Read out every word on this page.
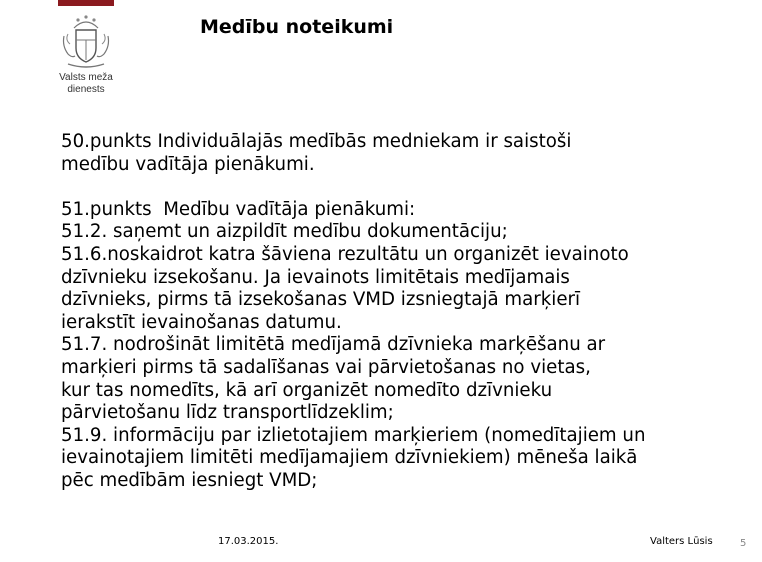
Valsts meža
dienests
Medību noteikumi
50.punkts Individuālajās medībās medniekam ir saistoši
medību vadītāja pienākumi.
51.punkts  Medību vadītāja pienākumi:
51.2. saņemt un aizpildīt medību dokumentāciju;
51.6.noskaidrot katra šāviena rezultātu un organizēt ievainoto
dzīvnieku izsekošanu. Ja ievainots limitētais medījamais
dzīvnieks, pirms tā izsekošanas VMD izsniegtajā marķierī
ierakstīt ievainošanas datumu.
51.7. nodrošināt limitētā medījamā dzīvnieka marķēšanu ar
marķieri pirms tā sadalīšanas vai pārvietošanas no vietas,
kur tas nomedīts, kā arī organizēt nomedīto dzīvnieku
pārvietošanu līdz transportlīdzeklim;
51.9. informāciju par izlietotajiem marķieriem (nomedītajiem un
ievainotajiem limitēti medījamajiem dzīvniekiem) mēneša laikā
pēc medībām iesniegt VMD;
17.03.2015.	Valters Lūsis	5
